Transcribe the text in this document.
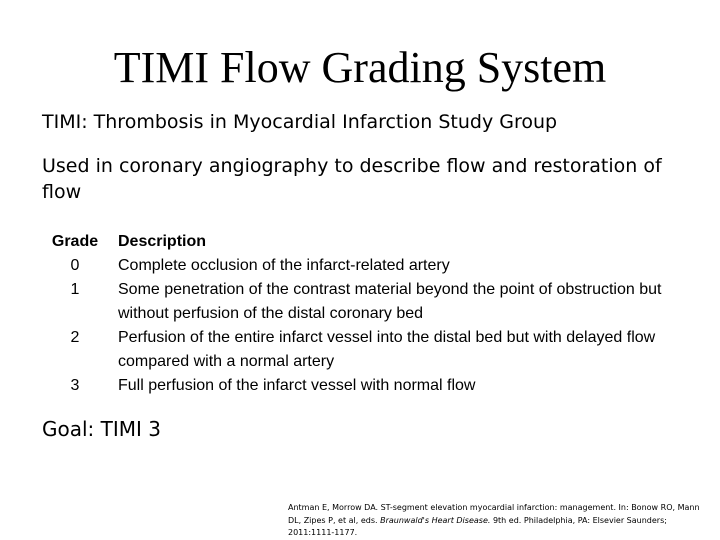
TIMI Flow Grading System
TIMI: Thrombosis in Myocardial Infarction Study Group
Used in coronary angiography to describe flow and restoration of flow
Grade	Description
0	Complete occlusion of the infarct-related artery
1	Some penetration of the contrast material beyond the point of obstruction but without perfusion of the distal coronary bed
2	Perfusion of the entire infarct vessel into the distal bed but with delayed flow compared with a normal artery
3	Full perfusion of the infarct vessel with normal flow
Goal: TIMI 3
Antman E, Morrow DA. ST-segment elevation myocardial infarction: management. In: Bonow RO, Mann DL, Zipes P, et al, eds. Braunwald's Heart Disease. 9th ed. Philadelphia, PA: Elsevier Saunders; 2011:1111-1177.
